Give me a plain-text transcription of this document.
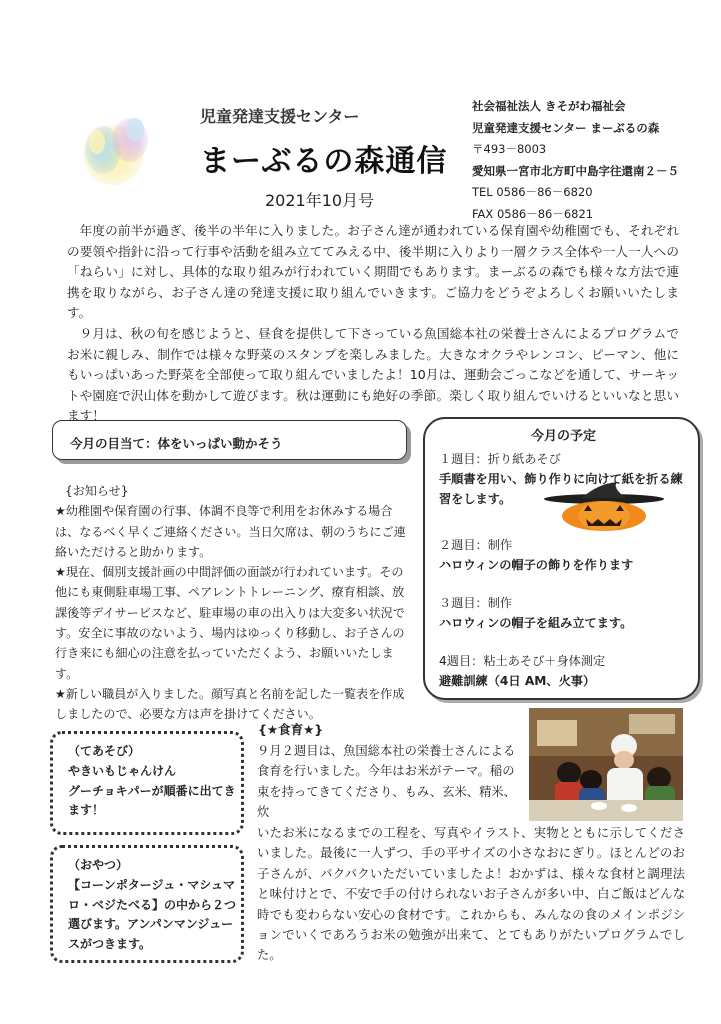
児童発達支援センター
まーぶるの森通信
2021年10月号
社会福祉法人 きそがわ福祉会
児童発達支援センター まーぶるの森
〒493－8003
愛知県一宮市北方町中島字往還南２－５
TEL 0586－86－6820
FAX 0586－86－6821

年度の前半が過ぎ、後半の半年に入りました。お子さん達が通われている保育園や幼稚園でも、それぞれの要領や指針に沿って行事や活動を組み立ててみえる中、後半期に入りより一層クラス全体や一人一人への「ねらい」に対し、具体的な取り組みが行われていく期間でもあります。まーぶるの森でも様々な方法で連携を取りながら、お子さん達の発達支援に取り組んでいきます。ご協力をどうぞよろしくお願いいたします。

９月は、秋の旬を感じようと、昼食を提供して下さっている魚国総本社の栄養士さんによるプログラムでお米に親しみ、制作では様々な野菜のスタンプを楽しみました。大きなオクラやレンコン、ピーマン、他にもいっぱいあった野菜を全部使って取り組んでいましたよ！10月は、運動会ごっこなどを通して、サーキットや園庭で沢山体を動かして遊びます。秋は運動にも絶好の季節。楽しく取り組んでいけるといいなと思います！

今月の目当て：体をいっぱい動かそう
{お知らせ}
★幼稚園や保育園の行事、体調不良等で利用をお休みする場合は、なるべく早くご連絡ください。当日欠席は、朝のうちにご連絡いただけると助かります。
★現在、個別支援計画の中間評価の面談が行われています。その他にも東側駐車場工事、ペアレントトレーニング、療育相談、放課後等デイサービスなど、駐車場の車の出入りは大変多い状況です。安全に事故のないよう、場内はゆっくり移動し、お子さんの行き来にも細心の注意を払っていただくよう、お願いいたします。
★新しい職員が入りました。顔写真と名前を記した一覧表を作成しましたので、必要な方は声を掛けてください。
今月の予定
１週目：折り紙あそび
手順書を用い、飾り作りに向けて紙を折る練習をします。
２週目：制作
ハロウィンの帽子の飾りを作ります
３週目：制作
ハロウィンの帽子を組み立てます。
4週目：粘土あそび＋身体測定
避難訓練（4日 AM、火事）
（てあそび）
やきいもじゃんけん
グーチョキパーが順番に出てきます！
（おやつ）
【コーンポタージュ・マシュマロ・ベジたべる】の中から２つ選びます。アンパンマンジュースがつきます。
{★食育★}
９月２週目は、魚国総本社の栄養士さんによる食育を行いました。今年はお米がテーマ。稲の束を持ってきてくださり、もみ、玄米、精米、炊
いたお米になるまでの工程を、写真やイラスト、実物とともに示してくださいました。最後に一人ずつ、手の平サイズの小さなおにぎり。ほとんどのお子さんが、パクパクいただいていましたよ！おかずは、様々な食材と調理法と味付けとで、不安で手の付けられないお子さんが多い中、白ご飯はどんな時でも変わらない安心の食材です。これからも、みんなの食のメインポジションでいくであろうお米の勉強が出来て、とてもありがたいプログラムでした。
